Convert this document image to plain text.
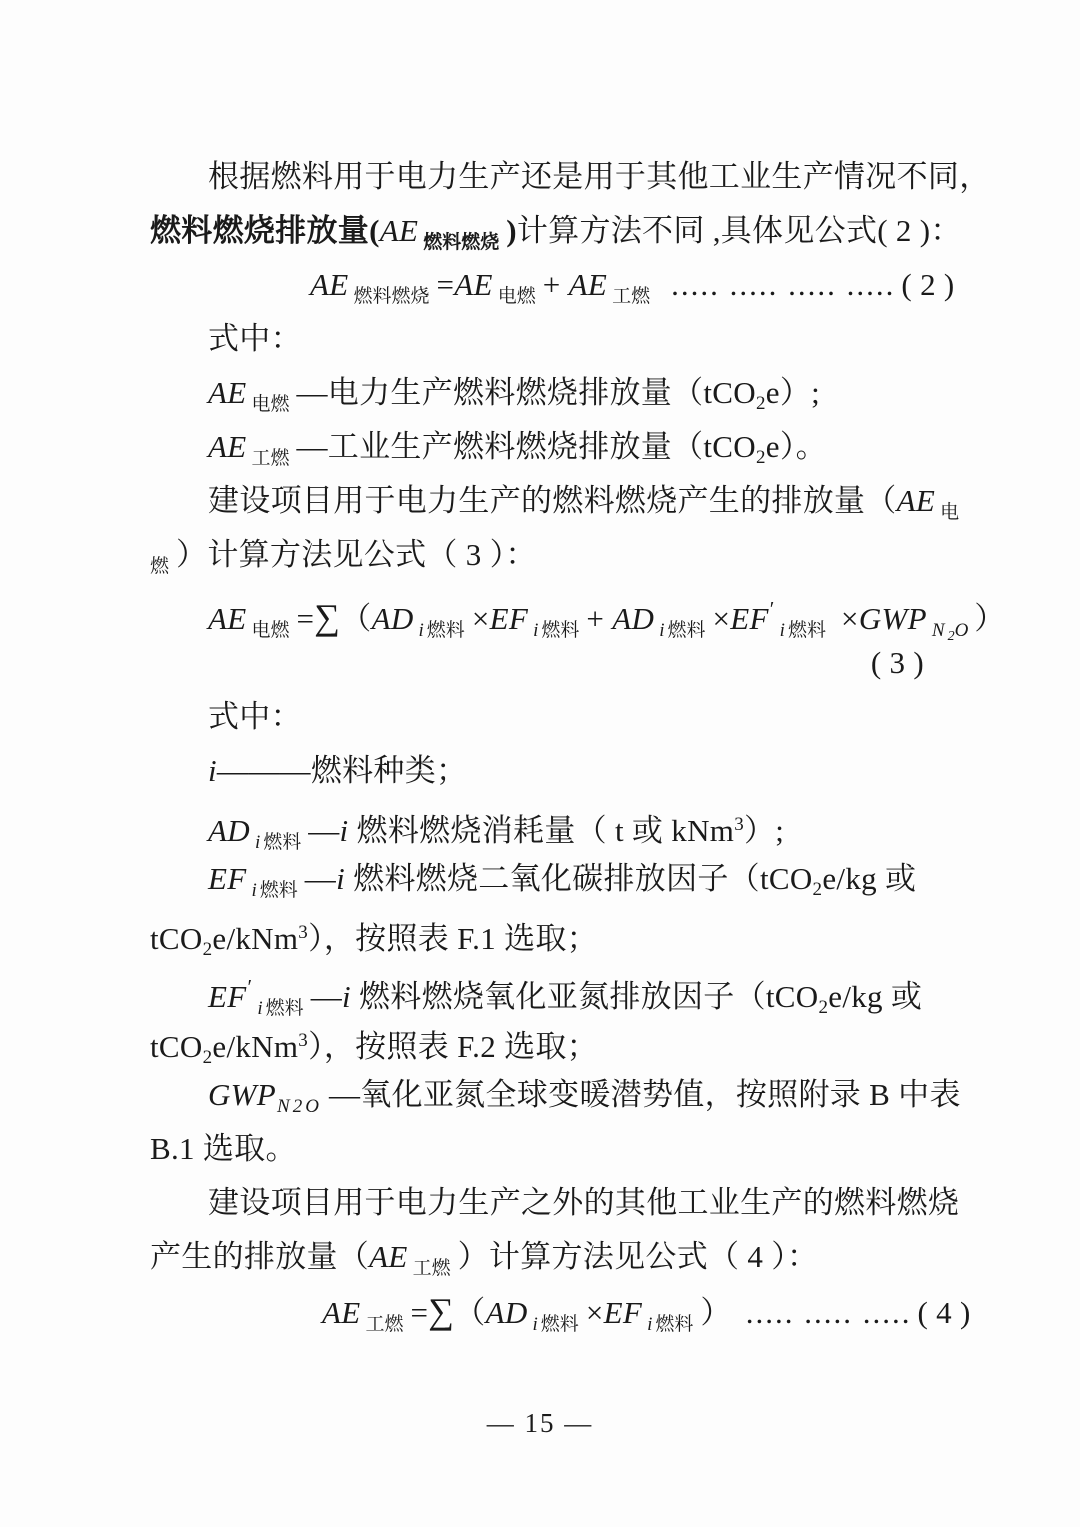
根据燃料用于电力生产还是用于其他工业生产情况不同，
燃料燃烧排放量(AE $_{燃料燃烧}$ )计算方法不同 ,具体见公式( 2 )：
AE $_{燃料燃烧}$ =AE $_{电燃}$ + AE $_{工燃}$ ..... ..... ..... ..... ( 2 )
式中：
AE $_{电燃}$ —电力生产燃料燃烧排放量（tCO2e）;
AE $_{工燃}$ —工业生产燃料燃烧排放量（tCO2e）。
建设项目用于电力生产的燃料燃烧产生的排放量（AE $_电$
$_燃$ ）计算方法见公式（ 3 ）：
AE $_{电燃}$ =∑（AD $_{i 燃料}$ ×EF $_{i 燃料}$ + AD $_{i 燃料} \times EF'_{i 燃料} \times GWP$ $_{N _2O}$ ）
( 3 )
式中：
i———燃料种类；
AD $_{i 燃料}$ —i 燃料燃烧消耗量（ t 或 kNm$^3$）;
EF $_{i 燃料}$ —i 燃料燃烧二氧化碳排放因子（tCO2e/kg 或
tCO2e/kNm$^3$），按照表 F.1 选取；
$EF'_{i 燃料}$ —i 燃料燃烧氧化亚氮排放因子（tCO2e/kg 或
tCO2e/kNm$^3$），按照表 F.2 选取；
$GWP_{N 2 O}$ —氧化亚氮全球变暖潜势值，按照附录 B 中表
B.1 选取。
建设项目用于电力生产之外的其他工业生产的燃料燃烧
产生的排放量（AE $_{工燃}$ ）计算方法见公式（ 4 ）：
AE $_{工燃}$ =∑（AD $_{i 燃料}$ ×EF $_{i 燃料}$ ） ..... ..... ..... ( 4 )
— 15 —
